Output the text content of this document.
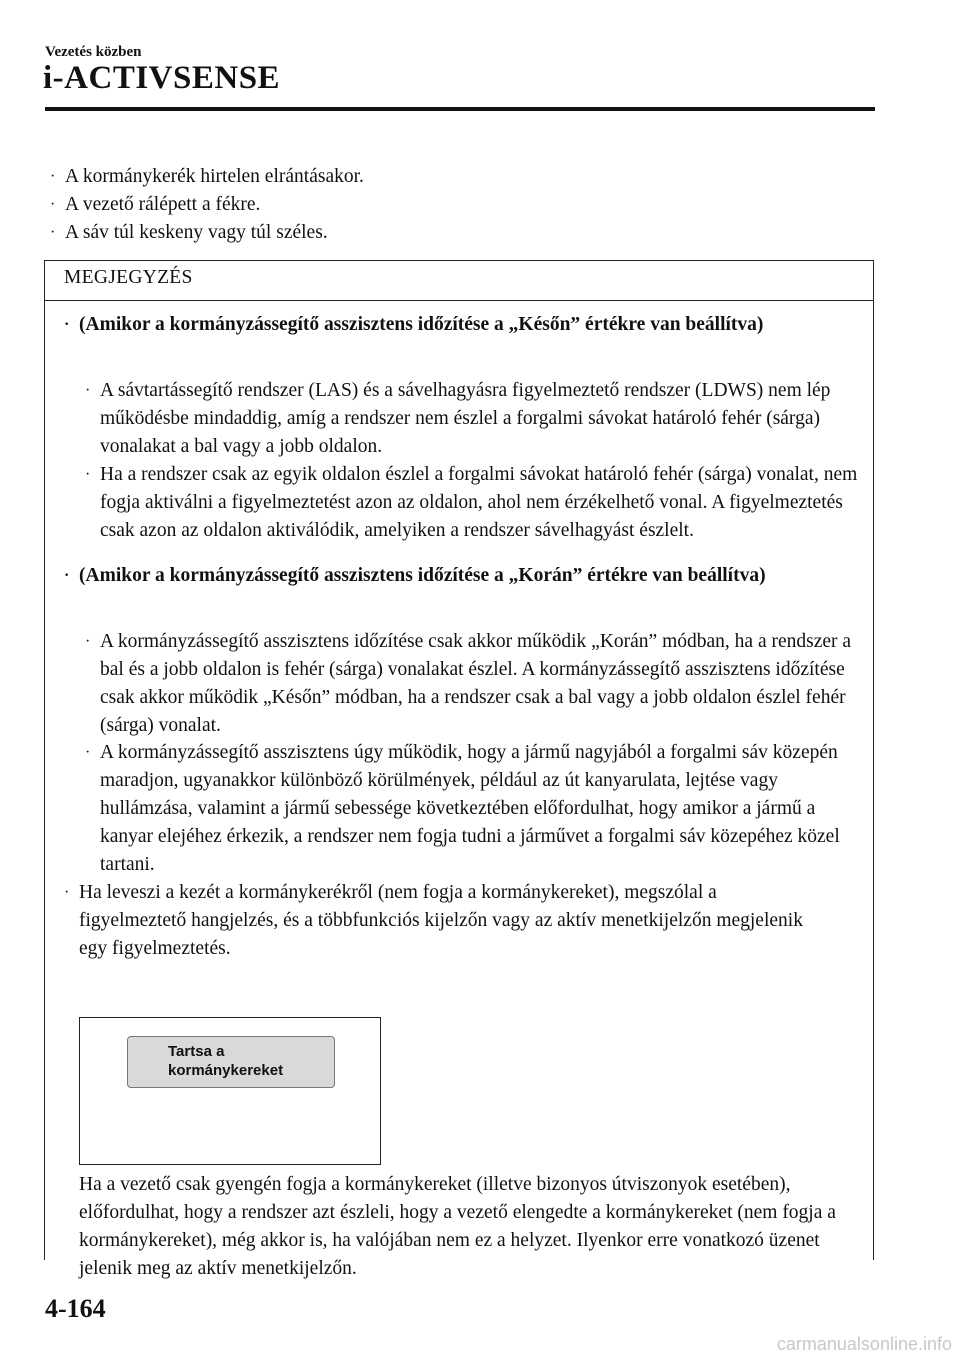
Vezetés közben
i-ACTIVSENSE
· A kormánykerék hirtelen elrántásakor.
· A vezető rálépett a fékre.
· A sáv túl keskeny vagy túl széles.
MEGJEGYZÉS

· (Amikor a kormányzássegítő asszisztens időzítése a „Későn” értékre van beállítva)

· A sávtartássegítő rendszer (LAS) és a sávelhagyásra figyelmeztető rendszer (LDWS) nem lép működésbe mindaddig, amíg a rendszer nem észlel a forgalmi sávokat határoló fehér (sárga) vonalakat a bal vagy a jobb oldalon.

· Ha a rendszer csak az egyik oldalon észlel a forgalmi sávokat határoló fehér (sárga) vonalat, nem fogja aktiválni a figyelmeztetést azon az oldalon, ahol nem érzékelhető vonal. A figyelmeztetés csak azon az oldalon aktiválódik, amelyiken a rendszer sávelhagyást észlelt.

· (Amikor a kormányzássegítő asszisztens időzítése a „Korán” értékre van beállítva)

· A kormányzássegítő asszisztens időzítése csak akkor működik „Korán” módban, ha a rendszer a bal és a jobb oldalon is fehér (sárga) vonalakat észlel. A kormányzássegítő asszisztens időzítése csak akkor működik „Későn” módban, ha a rendszer csak a bal vagy a jobb oldalon észlel fehér (sárga) vonalat.

· A kormányzássegítő asszisztens úgy működik, hogy a jármű nagyjából a forgalmi sáv közepén maradjon, ugyanakkor különböző körülmények, például az út kanyarulata, lejtése vagy hullámzása, valamint a jármű sebessége következtében előfordulhat, hogy amikor a jármű a kanyar elejéhez érkezik, a rendszer nem fogja tudni a járművet a forgalmi sáv közepéhez közel tartani.

· Ha leveszi a kezét a kormánykerékről (nem fogja a kormánykereket), megszólal a figyelmeztető hangjelzés, és a többfunkciós kijelzőn vagy az aktív menetkijelzőn megjelenik egy figyelmeztetés.

Tartsa a
kormánykereket

Ha a vezető csak gyengén fogja a kormánykereket (illetve bizonyos útviszonyok esetében), előfordulhat, hogy a rendszer azt észleli, hogy a vezető elengedte a kormánykereket (nem fogja a kormánykereket), még akkor is, ha valójában nem ez a helyzet. Ilyenkor erre vonatkozó üzenet jelenik meg az aktív menetkijelzőn.

4-164
carmanualsonline.info
